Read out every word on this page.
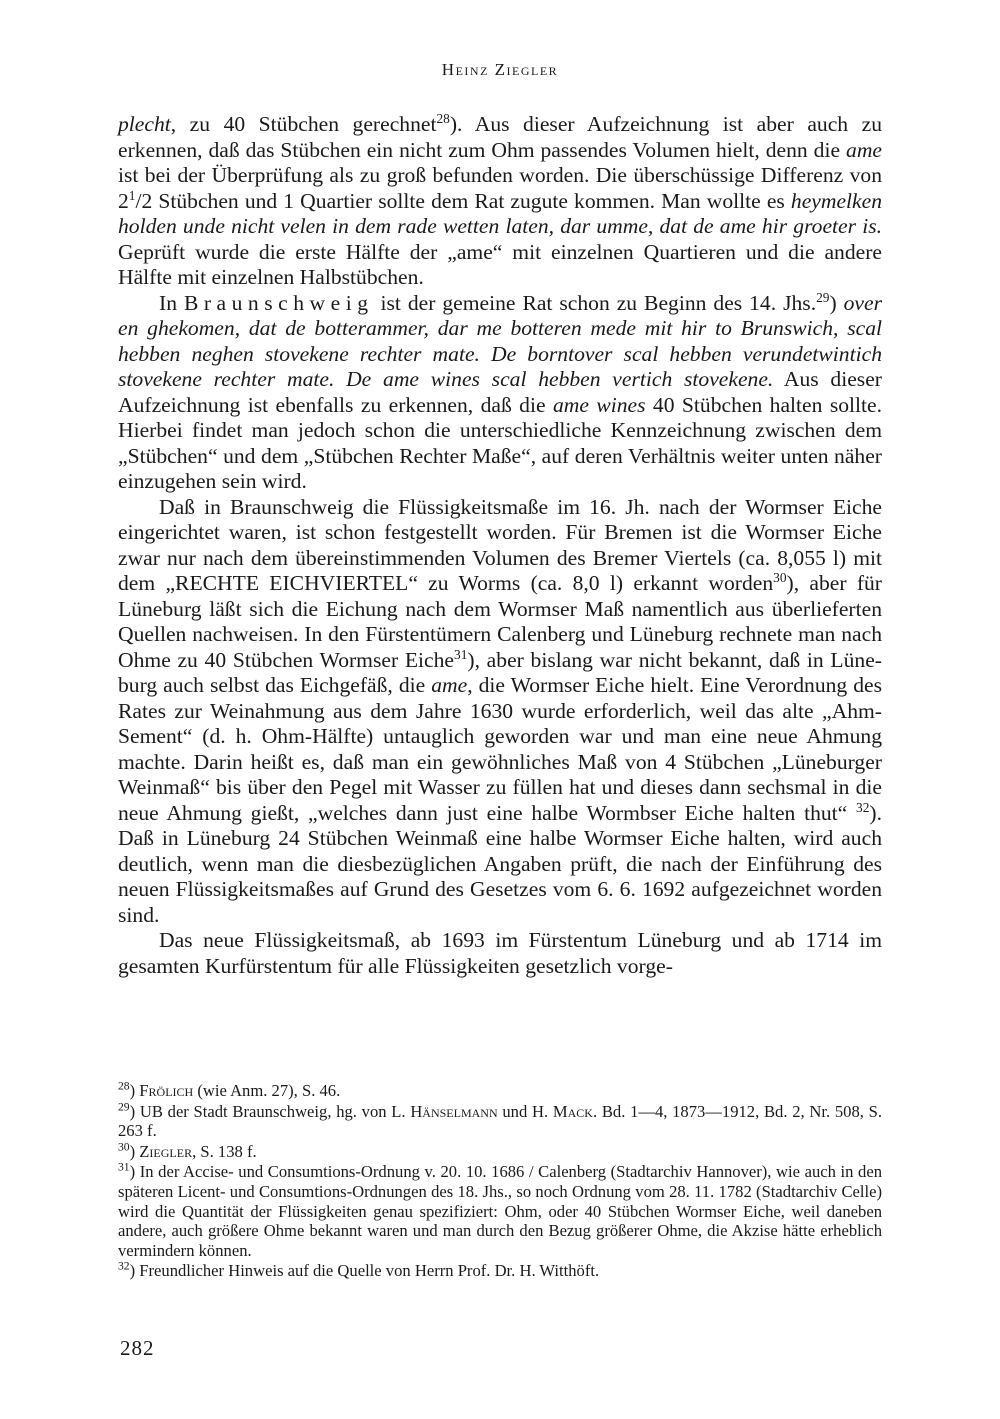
Heinz Ziegler

plecht, zu 40 Stübchen gerechnet$^{28}$). Aus dieser Aufzeichnung ist aber auch zu erkennen, daß das Stübchen ein nicht zum Ohm passendes Volumen hielt, denn die ame ist bei der Überprüfung als zu groß befunden worden. Die überschüssige Differenz von $2^1/2$ Stübchen und 1 Quartier sollte dem Rat zugute kommen. Man wollte es heymelken holden unde nicht velen in dem rade wetten laten, dar umme, dat de ame hir groeter is. Geprüft wurde die erste Hälfte der „ame“ mit einzelnen Quartieren und die andere Hälfte mit einzelnen Halbstübchen.

In Braunschweig ist der gemeine Rat schon zu Beginn des 14. Jhs.$^{29}$) over en ghekomen, dat de botterammer, dar me botteren mede mit hir to Brunswich, scal hebben neghen stovekene rechter mate. De borntover scal hebben verundetwintich stovekene rechter mate. De ame wines scal hebben vertich stovekene. Aus dieser Aufzeichnung ist ebenfalls zu erkennen, daß die ame wines 40 Stübchen halten sollte. Hierbei findet man jedoch schon die unterschiedliche Kennzeichnung zwischen dem „Stübchen“ und dem „Stübchen Rechter Maße“, auf deren Verhältnis weiter unten näher einzugehen sein wird.

Daß in Braunschweig die Flüssigkeitsmaße im 16. Jh. nach der Wormser Eiche eingerichtet waren, ist schon festgestellt worden. Für Bremen ist die Wormser Eiche zwar nur nach dem übereinstimmenden Volumen des Bremer Viertels (ca. 8,055 l) mit dem „RECHTE EICHVIERTEL“ zu Worms (ca. 8,0 l) erkannt worden$^{30}$), aber für Lüneburg läßt sich die Eichung nach dem Wormser Maß namentlich aus überlieferten Quellen nachweisen. In den Fürstentümern Calenberg und Lüneburg rechnete man nach Ohme zu 40 Stübchen Wormser Eiche$^{31}$), aber bislang war nicht bekannt, daß in Lüneburg auch selbst das Eichgefäß, die ame, die Wormser Eiche hielt. Eine Verordnung des Rates zur Weinahmung aus dem Jahre 1630 wurde erforderlich, weil das alte „Ahm-Sement“ (d. h. Ohm-Hälfte) untauglich geworden war und man eine neue Ahmung machte. Darin heißt es, daß man ein gewöhnliches Maß von 4 Stübchen „Lüneburger Weinmaß“ bis über den Pegel mit Wasser zu füllen hat und dieses dann sechsmal in die neue Ahmung gießt, „welches dann just eine halbe Wormbser Eiche halten thut“ $^{32}$). Daß in Lüneburg 24 Stübchen Weinmaß eine halbe Wormser Eiche halten, wird auch deutlich, wenn man die diesbezüglichen Angaben prüft, die nach der Einführung des neuen Flüssigkeitsmaßes auf Grund des Gesetzes vom 6. 6. 1692 aufgezeichnet worden sind.

Das neue Flüssigkeitsmaß, ab 1693 im Fürstentum Lüneburg und ab 1714 im gesamten Kurfürstentum für alle Flüssigkeiten gesetzlich vorge-

$^{28}$) Frölich (wie Anm. 27), S. 46.

$^{29}$) UB der Stadt Braunschweig, hg. von L. Hänselmann und H. Mack. Bd. 1—4, 1873—1912, Bd. 2, Nr. 508, S. 263 f.

$^{30}$) Ziegler, S. 138 f.

$^{31}$) In der Accise- und Consumtions-Ordnung v. 20. 10. 1686 / Calenberg (Stadtarchiv Hannover), wie auch in den späteren Licent- und Consumtions-Ordnungen des 18. Jhs., so noch Ordnung vom 28. 11. 1782 (Stadtarchiv Celle) wird die Quantität der Flüssigkeiten genau spezifiziert: Ohm, oder 40 Stübchen Wormser Eiche, weil daneben andere, auch größere Ohme bekannt waren und man durch den Bezug größerer Ohme, die Akzise hätte erheblich vermindern können.

$^{32}$) Freundlicher Hinweis auf die Quelle von Herrn Prof. Dr. H. Witthöft.

282
